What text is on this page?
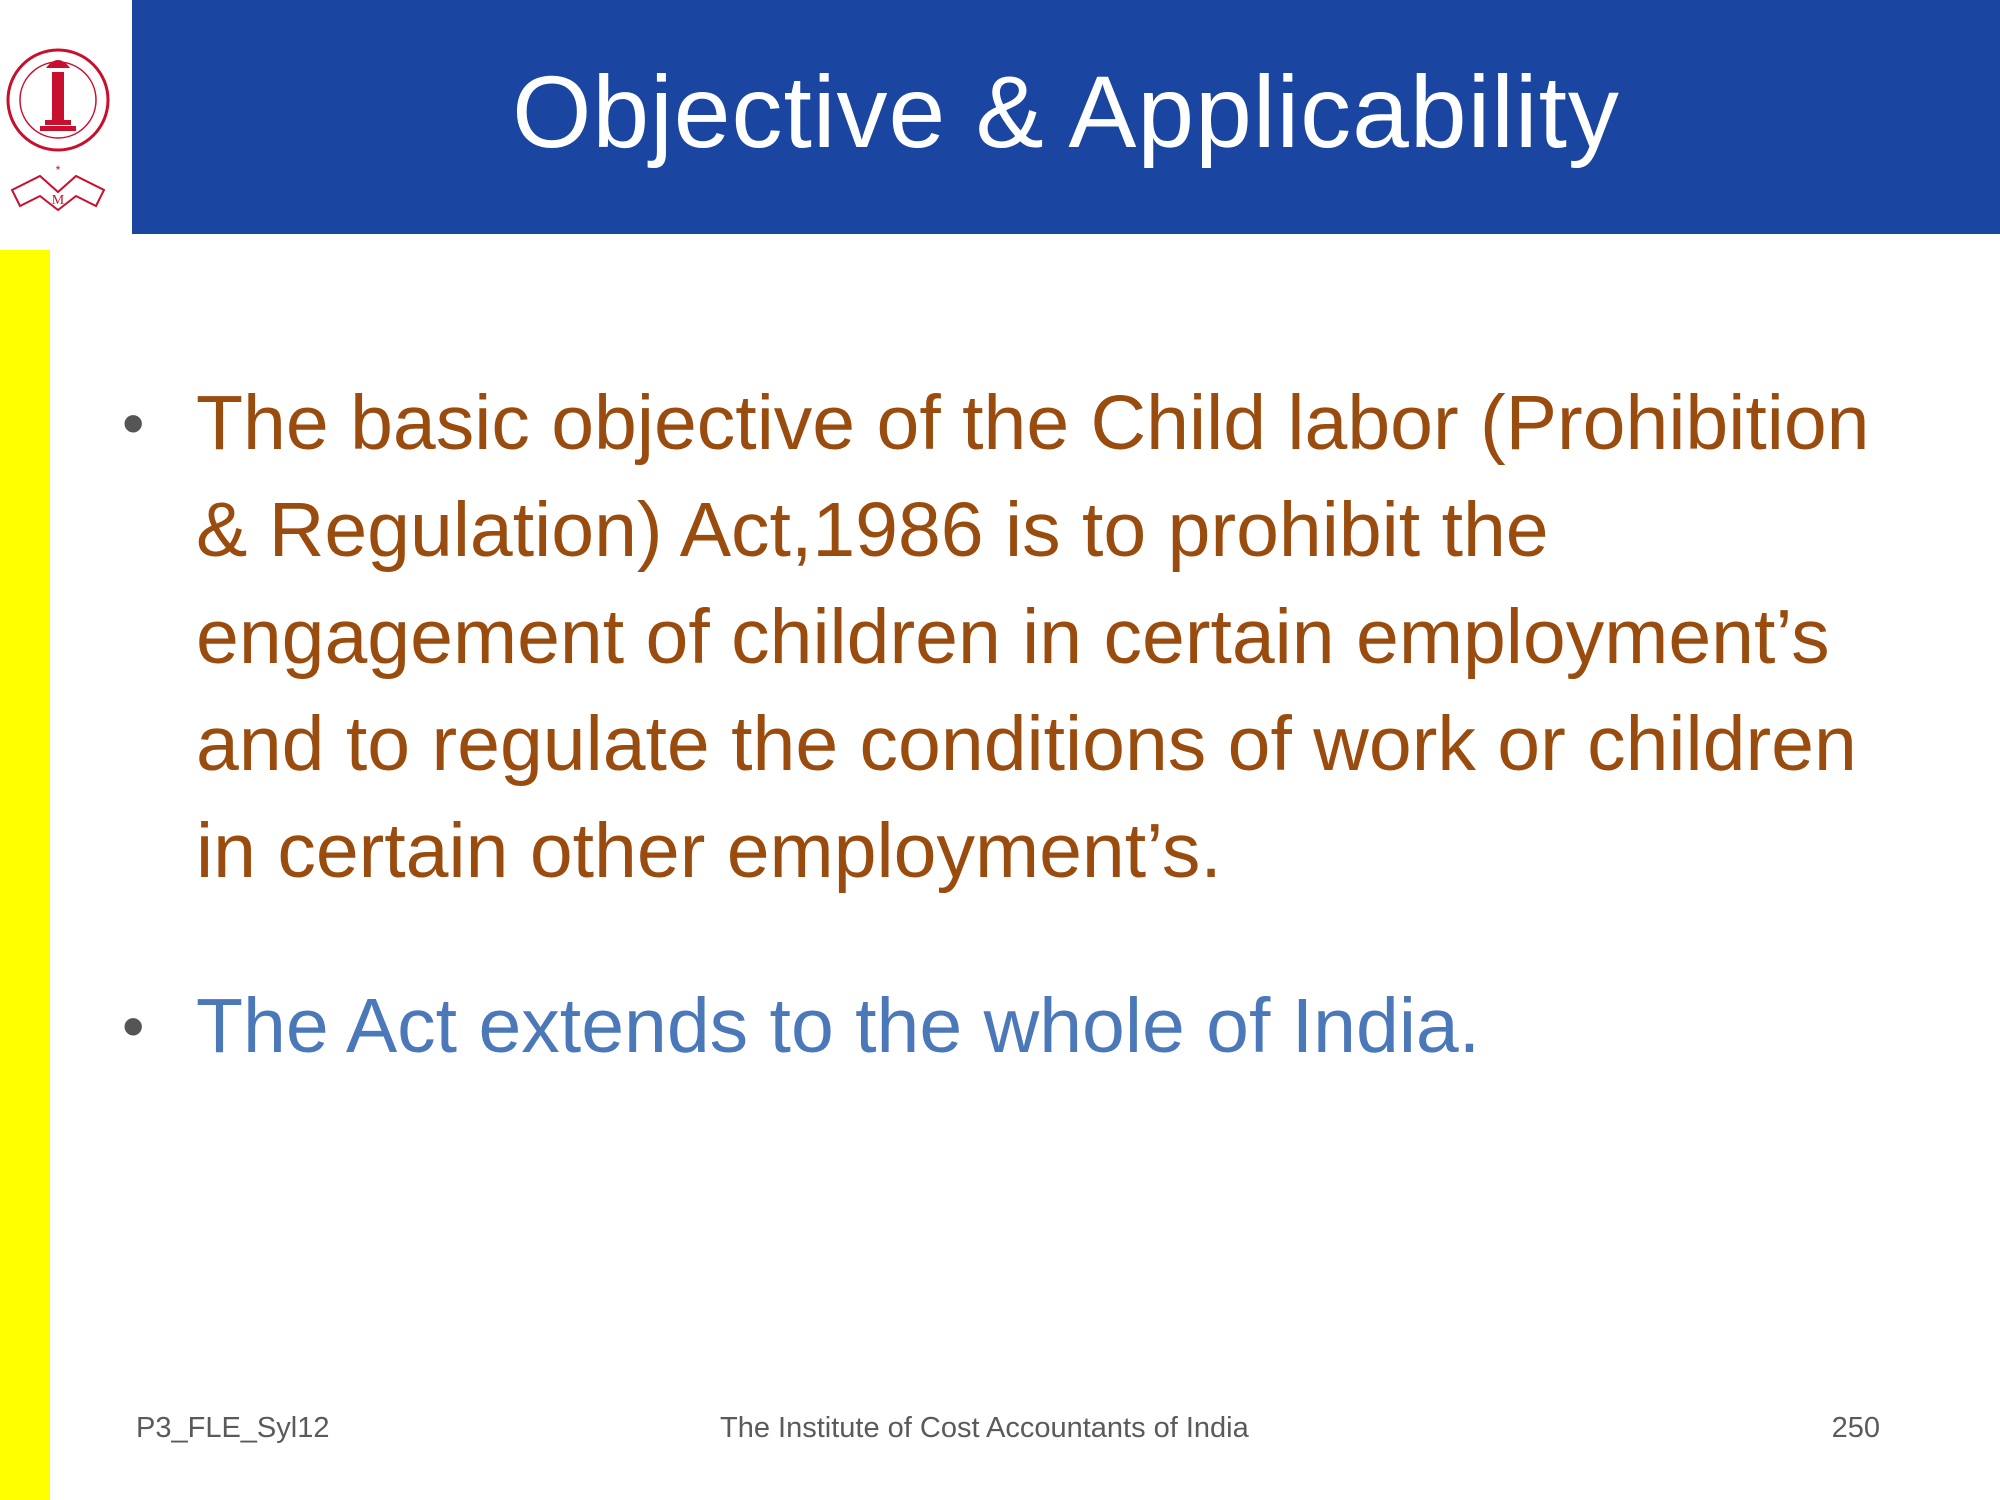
M
*
Objective & Applicability
• The basic objective of the Child labor (Prohibition & Regulation) Act,1986 is to prohibit the engagement of children in certain employment’s and to regulate the conditions of work or children in certain other employment’s.
• The Act extends to the whole of India.
P3_FLE_Syl12	The Institute of Cost Accountants of India	250
